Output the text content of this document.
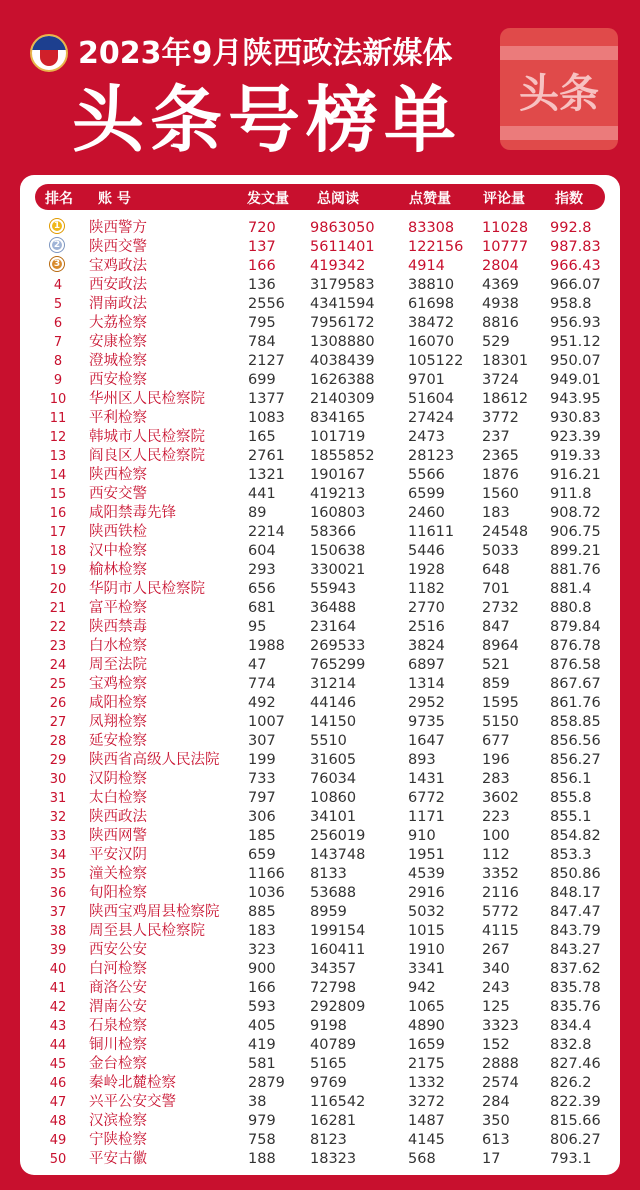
2023年9月陕西政法新媒体
头条号榜单	头条
排名 账 号	发文量 总阅读	点赞量 评论量 指数
1 陕西警方	720 9863050 83308 11028 992.8
2 陕西交警	137 5611401 122156 10777 987.83
3 宝鸡政法	166 419342	4914	2804 966.43
4	西安政法	136 3179583 38810 4369 966.07
5	渭南政法	2556 4341594 61698 4938 958.8
6	大荔检察	795 7956172 38472 8816 956.93
7	安康检察	784 1308880 16070 529	951.12
8	澄城检察	2127 4038439 105122 18301 950.07
9	西安检察	699 1626388 9701	3724 949.01
10	华州区人民检察院	1377 2140309 51604 18612 943.95
11	平利检察	1083 834165	27424 3772 930.83
12	韩城市人民检察院	165 101719	2473	237	923.39
13	阎良区人民检察院	2761 1855852 28123 2365 919.33
14	陕西检察	1321 190167	5566	1876 916.21
15	西安交警	441 419213	6599	1560 911.8
16	咸阳禁毒先锋	89	160803	2460	183	908.72
17	陕西铁检	2214 58366	11611 24548 906.75
18	汉中检察	604 150638	5446	5033 899.21
19	榆林检察	293 330021	1928	648	881.76
20	华阴市人民检察院	656 55943	1182	701	881.4
21	富平检察	681 36488	2770	2732 880.8
22	陕西禁毒	95	23164	2516	847	879.84
23	白水检察	1988 269533	3824	8964 876.78
24	周至法院	47	765299	6897	521	876.58
25	宝鸡检察	774 31214	1314	859	867.67
26	咸阳检察	492 44146	2952	1595 861.76
27	凤翔检察	1007 14150	9735	5150 858.85
28	延安检察	307 5510	1647	677	856.56
29	陕西省高级人民法院 199 31605	893	196	856.27
30	汉阴检察	733 76034	1431	283	856.1
31	太白检察	797 10860	6772	3602 855.8
32	陕西政法	306 34101	1171	223	855.1
33	陕西网警	185 256019	910	100	854.82
34	平安汉阴	659 143748	1951	112	853.3
35	潼关检察	1166 8133	4539	3352 850.86
36	旬阳检察	1036 53688	2916	2116 848.17
37	陕西宝鸡眉县检察院 885 8959	5032	5772 847.47
38	周至县人民检察院	183 199154	1015	4115 843.79
39	西安公安	323 160411	1910	267	843.27
40	白河检察	900 34357	3341	340	837.62
41	商洛公安	166 72798	942	243	835.78
42	渭南公安	593 292809	1065	125	835.76
43	石泉检察	405 9198	4890	3323 834.4
44	铜川检察	419 40789	1659	152	832.8
45	金台检察	581 5165	2175	2888 827.46
46	秦岭北麓检察	2879 9769	1332	2574 826.2
47	兴平公安交警	38	116542	3272	284	822.39
48	汉滨检察	979 16281	1487	350	815.66
49	宁陕检察	758 8123	4145	613	806.27
50	平安古徽	188 18323	568	17	793.1
